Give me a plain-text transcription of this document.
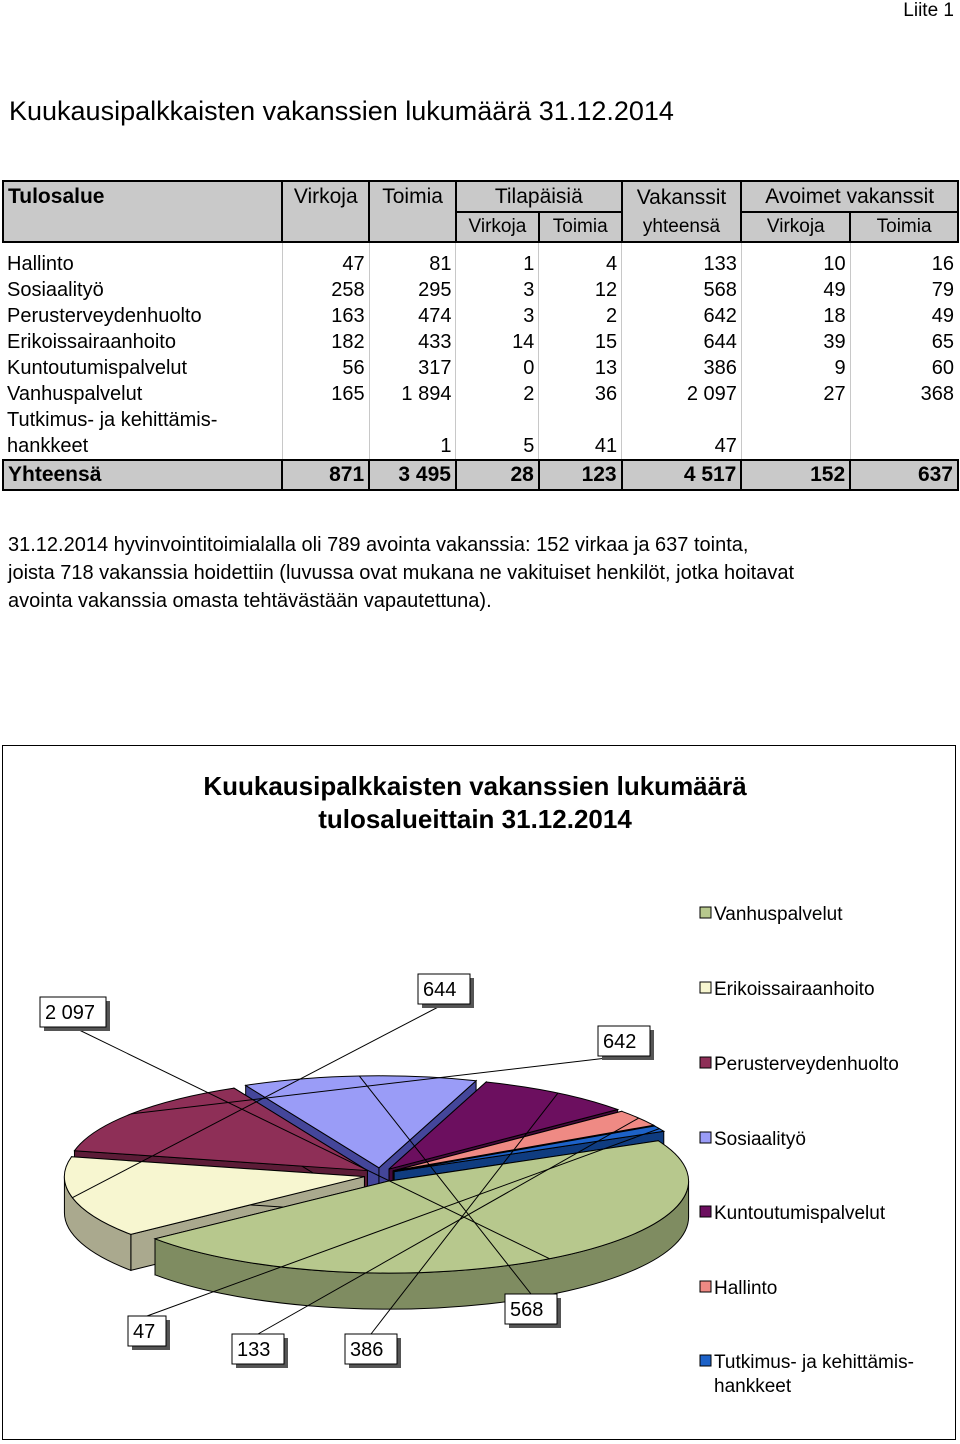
Liite 1
Kuukausipalkkaisten vakanssien lukumäärä 31.12.2014
Tulosalue	Virkoja	Toimia	Tilapäisiä		Vakanssit	Avoimet vakanssit	
			Virkoja	Toimia	yhteensä	Virkoja	Toimia
Hallinto	47	81	1	4	133	10	16
Sosiaalityö	258	295	3	12	568	49	79
Perusterveydenhuolto	163	474	3	2	642	18	49
Erikoissairaanhoito	182	433	14	15	644	39	65
Kuntoutumispalvelut	56	317	0	13	386	9	60
Vanhuspalvelut	165	1 894	2	36	2 097	27	368
Tutkimus- ja kehittämis-
hankkeet		1	5	41	47		
Yhteensä	871	3 495	28	123	4 517	152	637
31.12.2014 hyvinvointitoimialalla oli 789 avointa vakanssia: 152 virkaa ja 637 tointa,
joista 718 vakanssia hoidettiin (luvussa ovat mukana ne vakituiset henkilöt, jotka hoitavat
avointa vakanssia omasta tehtävästään vapautettuna).
Kuukausipalkkaisten vakanssien lukumäärä
tulosalueittain 31.12.2014
2 097
644
642
568
386
133
47
Vanhuspalvelut
Erikoissairaanhoito
Perusterveydenhuolto
Sosiaalityö
Kuntoutumispalvelut
Hallinto
Tutkimus- ja kehittämis-
hankkeet
